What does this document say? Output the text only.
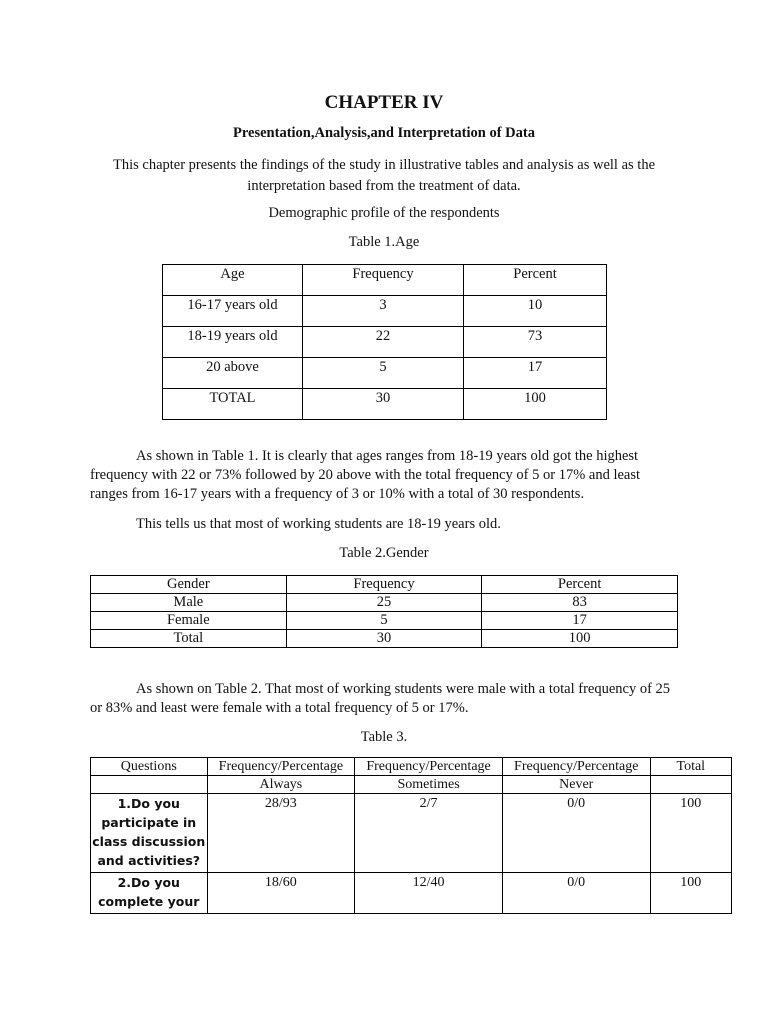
CHAPTER IV
Presentation,Analysis,and Interpretation of Data
This chapter presents the findings of the study in illustrative tables and analysis as well as the interpretation based from the treatment of data.
Demographic profile of the respondents
Table 1.Age
Age	Frequency	Percent
16-17 years old	3	10
18-19 years old	22	73
20 above	5	17
TOTAL	30	100
As shown in Table 1. It is clearly that ages ranges from 18-19 years old got the highest frequency with 22 or 73% followed by 20 above with the total frequency of 5 or 17% and least ranges from 16-17 years with a frequency of 3 or 10% with a total of 30 respondents.
This tells us that most of working students are 18-19 years old.
Table 2.Gender
Gender	Frequency	Percent
Male	25	83
Female	5	17
Total	30	100
As shown on Table 2. That most of working students were male with a total frequency of 25 or 83% and least were female with a total frequency of 5 or 17%.
Table 3.
Questions	Frequency/Percentage	Frequency/Percentage	Frequency/Percentage	Total
	Always	Sometimes	Never	
1.Do you participate in class discussion and activities?	28/93	2/7	0/0	100
2.Do you complete your	18/60	12/40	0/0	100
